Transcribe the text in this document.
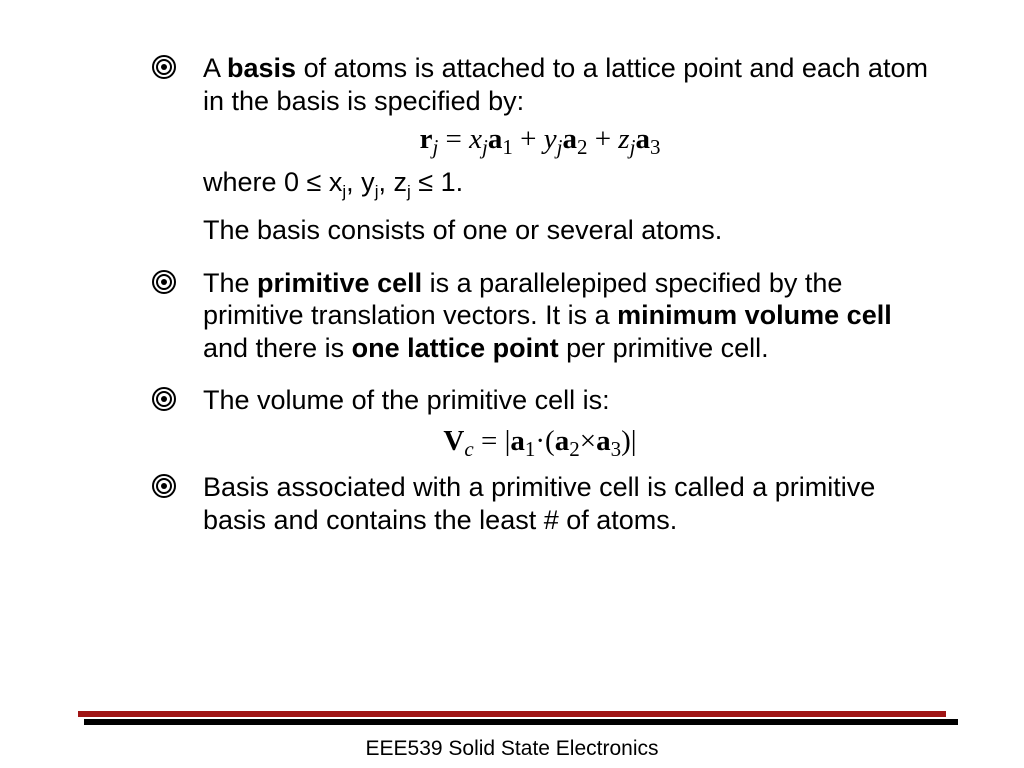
A basis of atoms is attached to a lattice point and each atom in the basis is specified by:
$r_j = x_ja_1 + y_ja_2 + z_ja_3$
where $0 \le x_j$, $y_j$, $z_j \le 1$.
The basis consists of one or several atoms.
The primitive cell is a parallelepiped specified by the primitive translation vectors. It is a minimum volume cell and there is one lattice point per primitive cell.
The volume of the primitive cell is:
$V_c = |a_1\cdot(a_2\times a_3)|$
Basis associated with a primitive cell is called a primitive basis and contains the least # of atoms.
EEE539 Solid State Electronics
